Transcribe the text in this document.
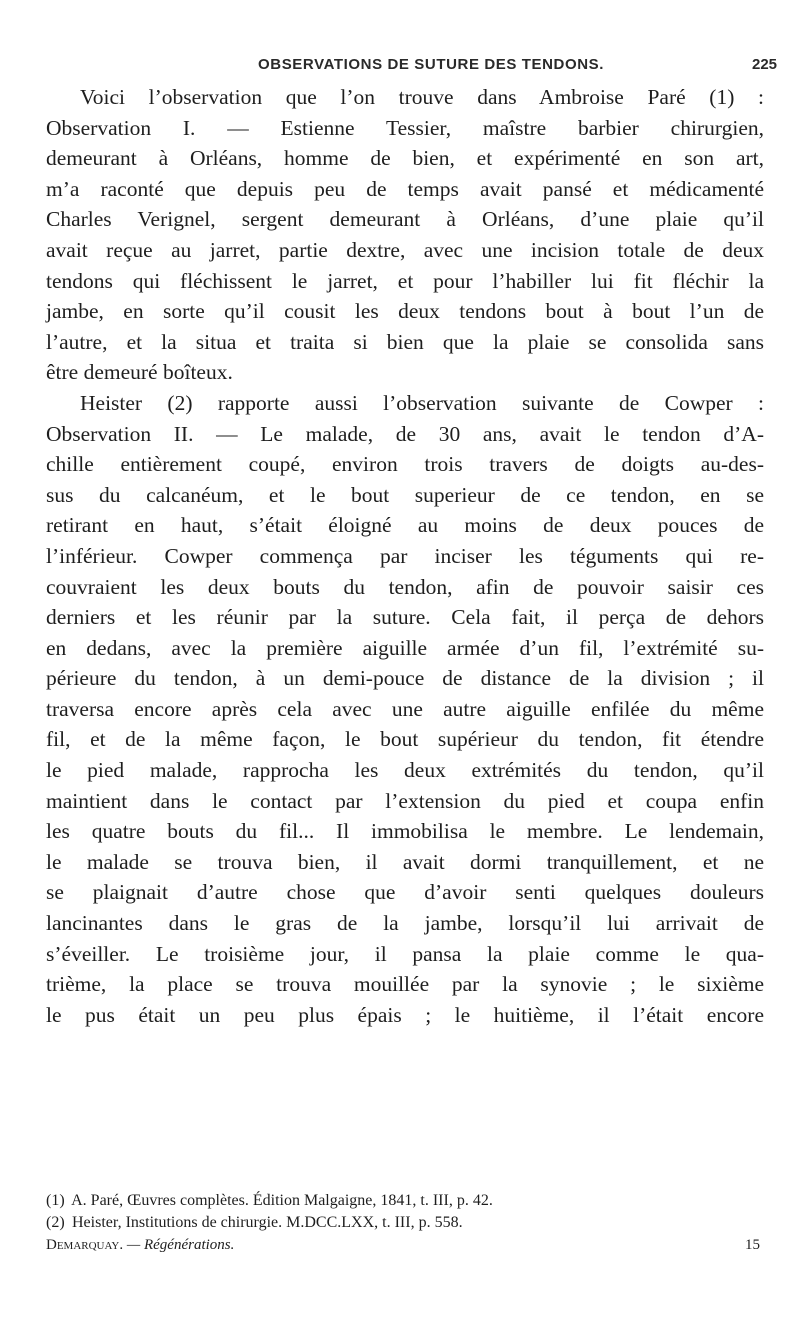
OBSERVATIONS DE SUTURE DES TENDONS.	225
Voici l’observation que l’on trouve dans Ambroise Paré (1) :
Observation I. — Estienne Tessier, maîstre barbier chirurgien,
demeurant à Orléans, homme de bien, et expérimenté en son art,
m’a raconté que depuis peu de temps avait pansé et médicamenté
Charles Verignel, sergent demeurant à Orléans, d’une plaie qu’il
avait reçue au jarret, partie dextre, avec une incision totale de deux
tendons qui fléchissent le jarret, et pour l’habiller lui fit fléchir la
jambe, en sorte qu’il cousit les deux tendons bout à bout l’un de
l’autre, et la situa et traita si bien que la plaie se consolida sans
être demeuré boîteux.
Heister (2) rapporte aussi l’observation suivante de Cowper :
Observation II. — Le malade, de 30 ans, avait le tendon d’A-
chille entièrement coupé, environ trois travers de doigts au-des-
sus du calcanéum, et le bout superieur de ce tendon, en se
retirant en haut, s’était éloigné au moins de deux pouces de
l’inférieur. Cowper commença par inciser les téguments qui re-
couvraient les deux bouts du tendon, afin de pouvoir saisir ces
derniers et les réunir par la suture. Cela fait, il perça de dehors
en dedans, avec la première aiguille armée d’un fil, l’extrémité su-
périeure du tendon, à un demi-pouce de distance de la division ; il
traversa encore après cela avec une autre aiguille enfilée du même
fil, et de la même façon, le bout supérieur du tendon, fit étendre
le pied malade, rapprocha les deux extrémités du tendon, qu’il
maintient dans le contact par l’extension du pied et coupa enfin
les quatre bouts du fil... Il immobilisa le membre. Le lendemain,
le malade se trouva bien, il avait dormi tranquillement, et ne
se plaignait d’autre chose que d’avoir senti quelques douleurs
lancinantes dans le gras de la jambe, lorsqu’il lui arrivait de
s’éveiller. Le troisième jour, il pansa la plaie comme le qua-
trième, la place se trouva mouillée par la synovie ; le sixième
le pus était un peu plus épais ; le huitième, il l’était encore
(1) A. Paré, Œuvres complètes. Édition Malgaigne, 1841, t. III, p. 42.
(2) Heister, Institutions de chirurgie. M.DCC.LXX, t. III, p. 558.
Demarquay. — Régénérations.	15
